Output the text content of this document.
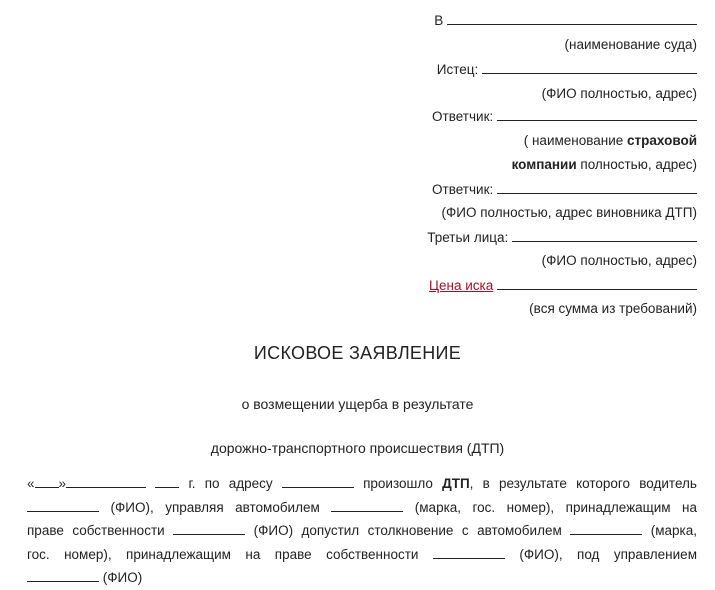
В
(наименование суда)
Истец:
(ФИО полностью, адрес)
Ответчик:
( наименование страховой
компании полностью, адрес)
Ответчик:
(ФИО полностью, адрес виновника ДТП)
Третьи лица:
(ФИО полностью, адрес)
Цена иска
(вся сумма из требований)
ИСКОВОЕ ЗАЯВЛЕНИЕ
о возмещении ущерба в результате
дорожно-транспортного происшествия (ДТП)
« »	г. по адресу	произошло ДТП, в результате которого водитель
(ФИО), управляя автомобилем	(марка, гос. номер), принадлежащим на
праве собственности	(ФИО) допустил столкновение с автомобилем	(марка,
гос. номер), принадлежащим на праве собственности	(ФИО), под управлением
(ФИО)
